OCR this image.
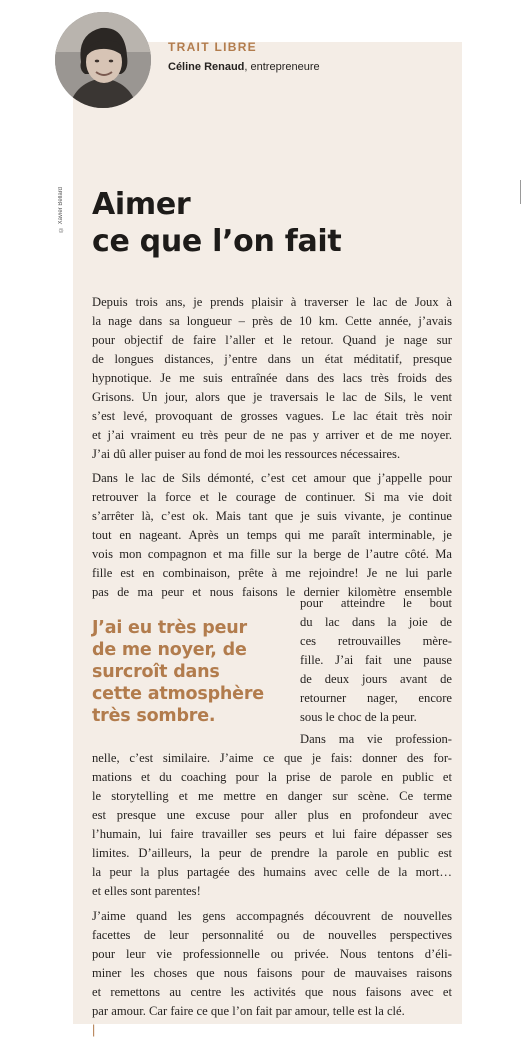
© Xavier Bellard
TRAIT LIBRE
Céline Renaud, entrepreneure
Aimer
ce que l’on fait
Depuis trois ans, je prends plaisir à traverser le lac de Joux à
la nage dans sa longueur – près de 10 km. Cette année, j’avais
pour objectif de faire l’aller et le retour. Quand je nage sur
de longues distances, j’entre dans un état méditatif, presque
hypnotique. Je me suis entraînée dans des lacs très froids des
Grisons. Un jour, alors que je traversais le lac de Sils, le vent
s’est levé, provoquant de grosses vagues. Le lac était très noir
et j’ai vraiment eu très peur de ne pas y arriver et de me noyer.
J’ai dû aller puiser au fond de moi les ressources nécessaires.
Dans le lac de Sils démonté, c’est cet amour que j’appelle pour
retrouver la force et le courage de continuer. Si ma vie doit
s’arrêter là, c’est ok. Mais tant que je suis vivante, je continue
tout en nageant. Après un temps qui me paraît interminable, je
vois mon compagnon et ma fille sur la berge de l’autre côté. Ma
fille est en combinaison, prête à me rejoindre! Je ne lui parle
pas de ma peur et nous faisons le dernier kilomètre ensemble
pour atteindre le bout
du lac dans la joie de
ces retrouvailles mère-
fille. J’ai fait une pause
de deux jours avant de
retourner nager, encore
sous le choc de la peur.
J’ai eu très peur
de me noyer, de
surcroît dans
cette atmosphère
très sombre.
Dans ma vie profession-
nelle, c’est similaire. J’aime ce que je fais: donner des for-
mations et du coaching pour la prise de parole en public et
le storytelling et me mettre en danger sur scène. Ce terme
est presque une excuse pour aller plus en profondeur avec
l’humain, lui faire travailler ses peurs et lui faire dépasser ses
limites. D’ailleurs, la peur de prendre la parole en public est
la peur la plus partagée des humains avec celle de la mort…
et elles sont parentes!
J’aime quand les gens accompagnés découvrent de nouvelles
facettes de leur personnalité ou de nouvelles perspectives
pour leur vie professionnelle ou privée. Nous tentons d’éli-
miner les choses que nous faisons pour de mauvaises raisons
et remettons au centre les activités que nous faisons avec et
par amour. Car faire ce que l’on fait par amour, telle est la clé.
|
